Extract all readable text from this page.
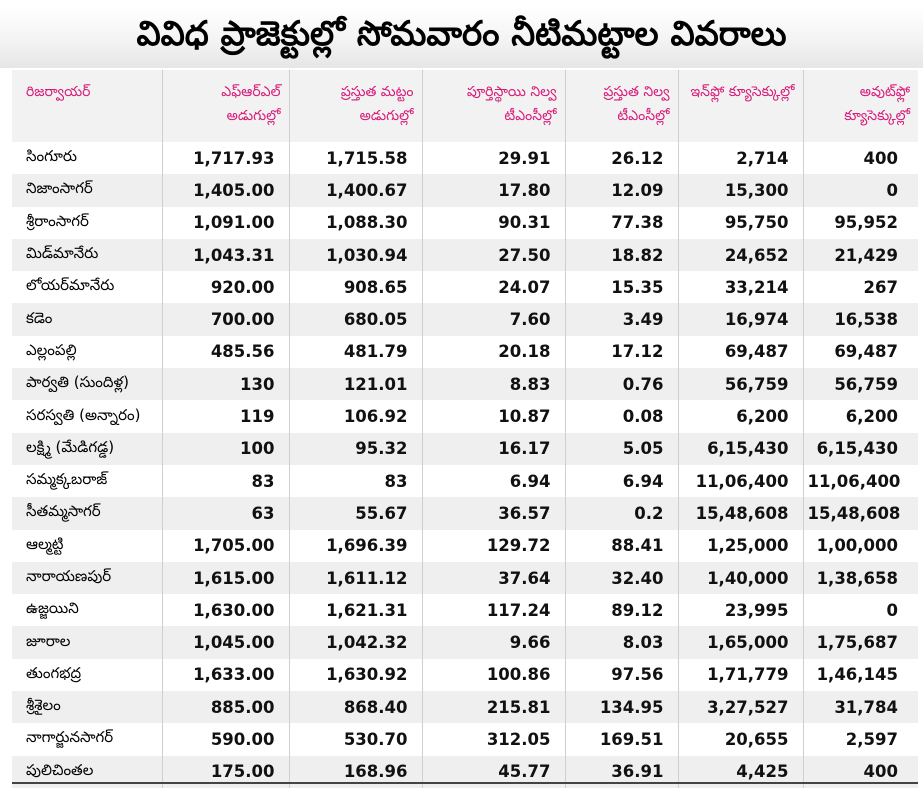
వివిధ ప్రాజెక్టుల్లో సోమవారం నీటిమట్టాల వివరాలు
రిజర్వాయర్	ఎఫ్ఆర్ఎల్ అడుగుల్లో	ప్రస్తుత మట్టం అడుగుల్లో	పూర్తిస్థాయి నిల్వ టీఎంసీల్లో	ప్రస్తుత నిల్వ టీఎంసీల్లో	ఇన్‌ఫ్లో క్యూసెక్కుల్లో	అవుట్‌ఫ్లో క్యూసెక్కుల్లో
సింగూరు	1,717.93	1,715.58	29.91	26.12	2,714	400
నిజాంసాగర్	1,405.00	1,400.67	17.80	12.09	15,300	0
శ్రీరాంసాగర్	1,091.00	1,088.30	90.31	77.38	95,750	95,952
మిడ్‌మానేరు	1,043.31	1,030.94	27.50	18.82	24,652	21,429
లోయర్‌మానేరు	920.00	908.65	24.07	15.35	33,214	267
కడెం	700.00	680.05	7.60	3.49	16,974	16,538
ఎల్లంపల్లి	485.56	481.79	20.18	17.12	69,487	69,487
పార్వతి (సుందిళ్ల)	130	121.01	8.83	0.76	56,759	56,759
సరస్వతి (అన్నారం)	119	106.92	10.87	0.08	6,200	6,200
లక్ష్మి (మేడిగడ్డ)	100	95.32	16.17	5.05	6,15,430	6,15,430
సమ్మక్కబరాజ్	83	83	6.94	6.94	11,06,400	11,06,400
సీతమ్మసాగర్	63	55.67	36.57	0.2	15,48,608	15,48,608
ఆల్మట్టి	1,705.00	1,696.39	129.72	88.41	1,25,000	1,00,000
నారాయణపుర్	1,615.00	1,611.12	37.64	32.40	1,40,000	1,38,658
ఉజ్జయిని	1,630.00	1,621.31	117.24	89.12	23,995	0
జూరాల	1,045.00	1,042.32	9.66	8.03	1,65,000	1,75,687
తుంగభద్ర	1,633.00	1,630.92	100.86	97.56	1,71,779	1,46,145
శ్రీశైలం	885.00	868.40	215.81	134.95	3,27,527	31,784
నాగార్జునసాగర్	590.00	530.70	312.05	169.51	20,655	2,597
పులిచింతల	175.00	168.96	45.77	36.91	4,425	400
